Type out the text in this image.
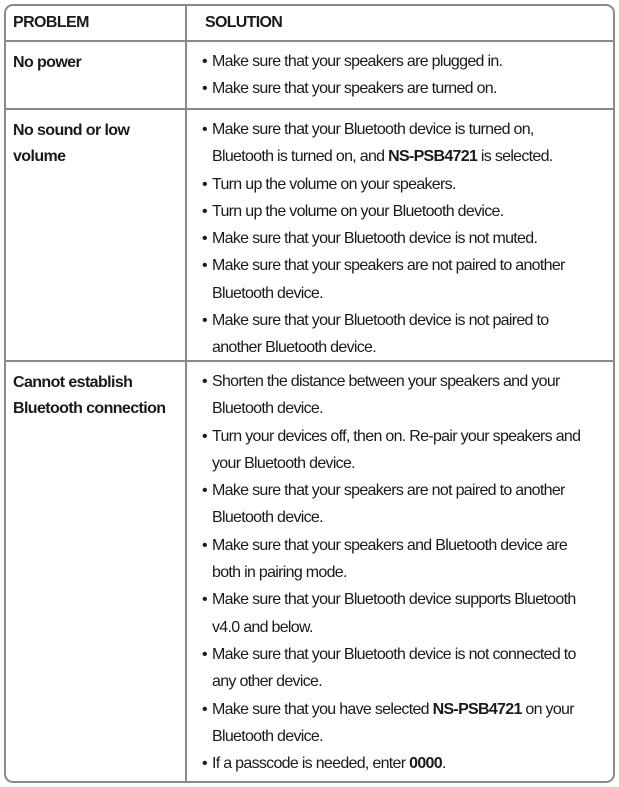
PROBLEM	SOLUTION
No power	• Make sure that your speakers are plugged in.
• Make sure that your speakers are turned on.
No sound or low volume
• Make sure that your Bluetooth device is turned on,
Bluetooth is turned on, and NS-PSB4721 is selected.
• Turn up the volume on your speakers.
• Turn up the volume on your Bluetooth device.
• Make sure that your Bluetooth device is not muted.
• Make sure that your speakers are not paired to another
Bluetooth device.
• Make sure that your Bluetooth device is not paired to
another Bluetooth device.
Cannot establish Bluetooth connection
• Shorten the distance between your speakers and your
Bluetooth device.
• Turn your devices off, then on. Re-pair your speakers and
your Bluetooth device.
• Make sure that your speakers are not paired to another
Bluetooth device.
• Make sure that your speakers and Bluetooth device are
both in pairing mode.
• Make sure that your Bluetooth device supports Bluetooth
v4.0 and below.
• Make sure that your Bluetooth device is not connected to
any other device.
• Make sure that you have selected NS-PSB4721 on your
Bluetooth device.
• If a passcode is needed, enter 0000.
